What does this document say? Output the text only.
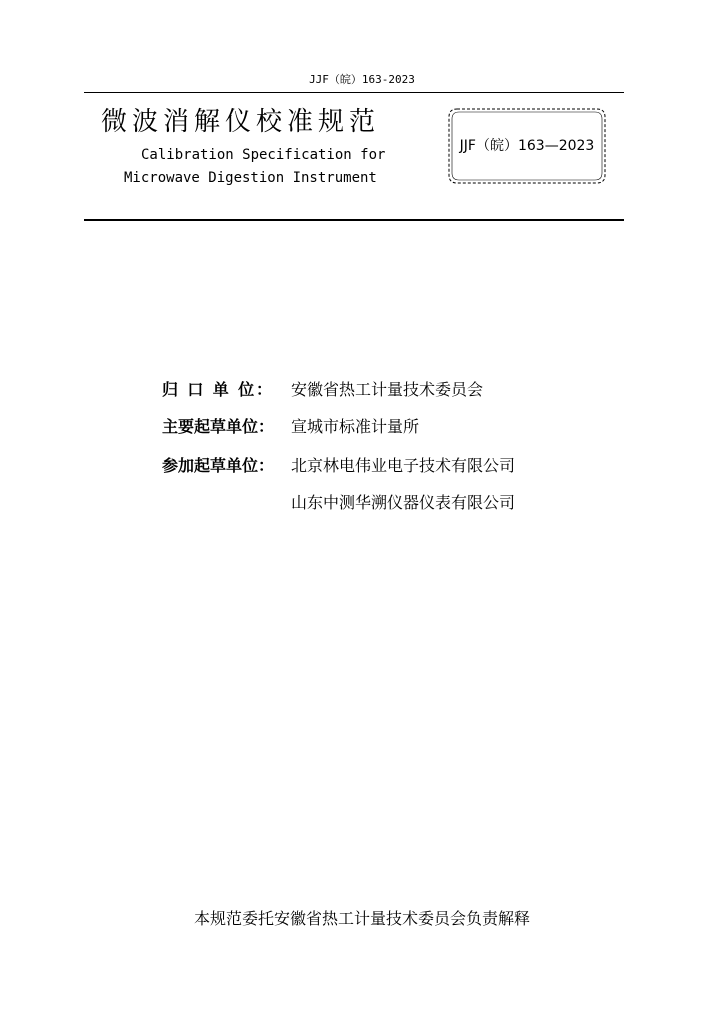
JJF（皖）163-2023
微波消解仪校准规范
Calibration Specification for
Microwave Digestion Instrument
JJF（皖）163—2023
归 口 单 位：	安徽省热工计量技术委员会
主要起草单位：	宣城市标准计量所
参加起草单位：	北京林电伟业电子技术有限公司
山东中测华溯仪器仪表有限公司
本规范委托安徽省热工计量技术委员会负责解释
